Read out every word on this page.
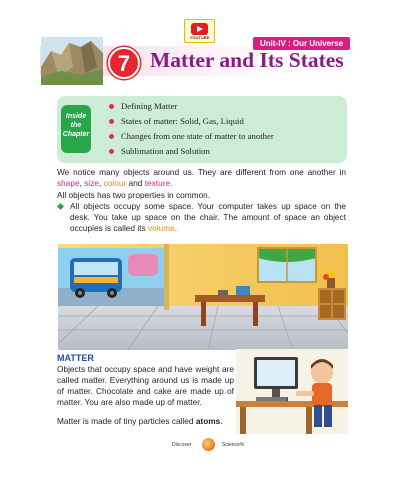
YOUTUBE
Unit-IV : Our Universe
7 Matter and Its States
Inside
the
Chapter
Defining Matter
States of matter: Solid, Gas, Liquid
Changes from one state of matter to another
Sublimation and Solution

We notice many objects around us. They are different from one another in shape, size, colour and texture.

All objects has two properties in common.

All objects occupy some space. Your computer takes up space on the desk. You take up space on the chair. The amount of space an object occupies is called its volume.

MATTER

Objects that occupy space and have weight are called matter. Everything around us is made up of matter. Chocolate and cake are made up of matter. You are also made up of matter.

Matter is made of tiny particles called atoms.

Discover	Science%
